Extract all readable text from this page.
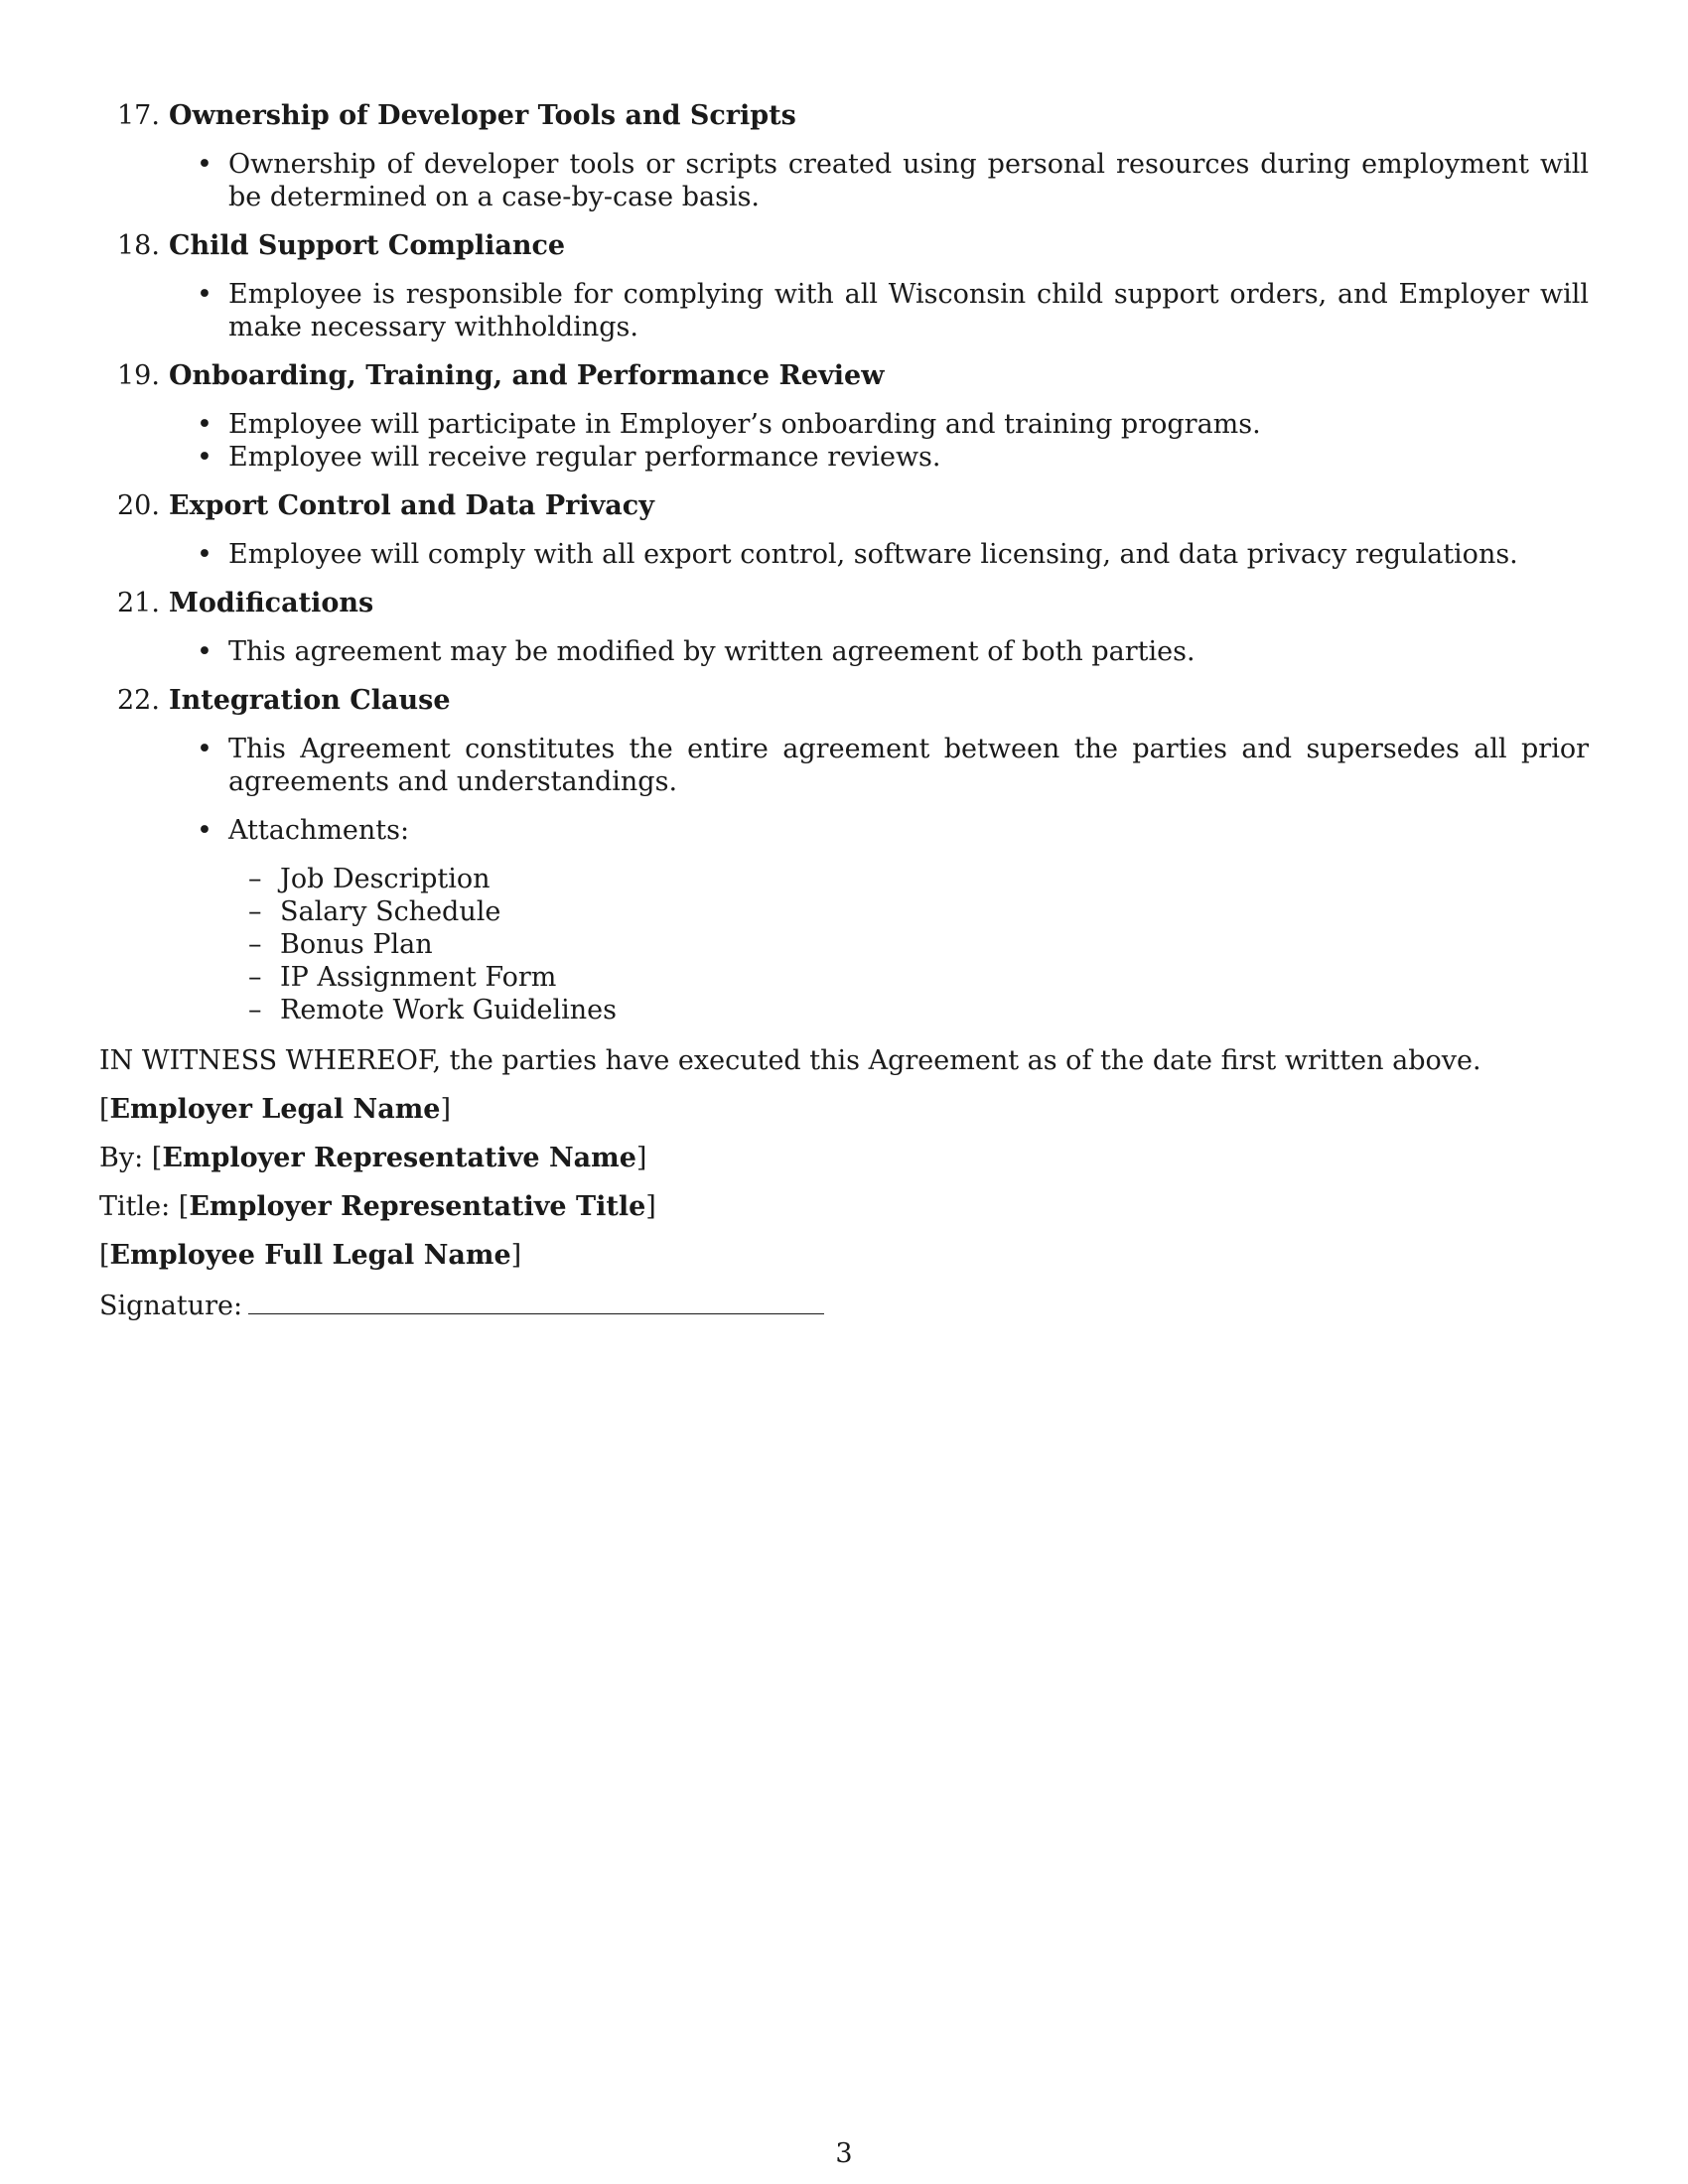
17. Ownership of Developer Tools and Scripts
• Ownership of developer tools or scripts created using personal resources during employment will be determined on a case-by-case basis.
18. Child Support Compliance
• Employee is responsible for complying with all Wisconsin child support orders, and Employer will make necessary withholdings.
19. Onboarding, Training, and Performance Review
• Employee will participate in Employer’s onboarding and training programs.
• Employee will receive regular performance reviews.
20. Export Control and Data Privacy
• Employee will comply with all export control, software licensing, and data privacy regulations.
21. Modifications
• This agreement may be modified by written agreement of both parties.
22. Integration Clause
• This Agreement constitutes the entire agreement between the parties and supersedes all prior agreements and understandings.
• Attachments:
– Job Description
– Salary Schedule
– Bonus Plan
– IP Assignment Form
– Remote Work Guidelines

IN WITNESS WHEREOF, the parties have executed this Agreement as of the date first written above.

[Employer Legal Name]
By: [Employer Representative Name]
Title: [Employer Representative Title]
[Employee Full Legal Name]
Signature:
3
